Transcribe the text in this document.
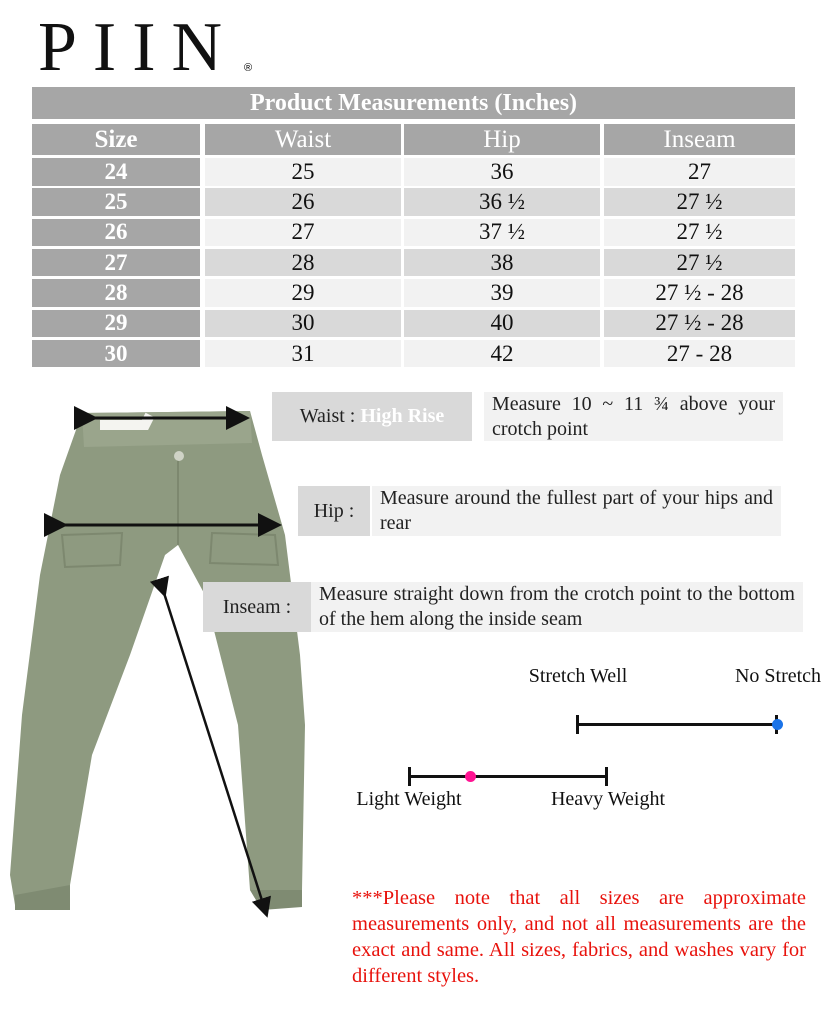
PIIN ®
Product Measurements (Inches)
Size	Waist	Hip	Inseam
24	25	36	27
25	26	36 ½	27 ½
26	27	37 ½	27 ½
27	28	38	27 ½
28	29	39	27 ½ - 28
29	30	40	27 ½ - 28
30	31	42	27 - 28
Waist :
High Rise
Measure 10 ~ 11 ¾ above your crotch point
Hip :
Measure around the fullest part of your hips and rear
Inseam :
Measure straight down from the crotch point to the bottom of the hem along the inside seam
Stretch Well	No Stretch
Light Weight	Heavy Weight
***Please note that all sizes are approximate measurements only, and not all measurements are the exact and same. All sizes, fabrics, and washes vary for different styles.
